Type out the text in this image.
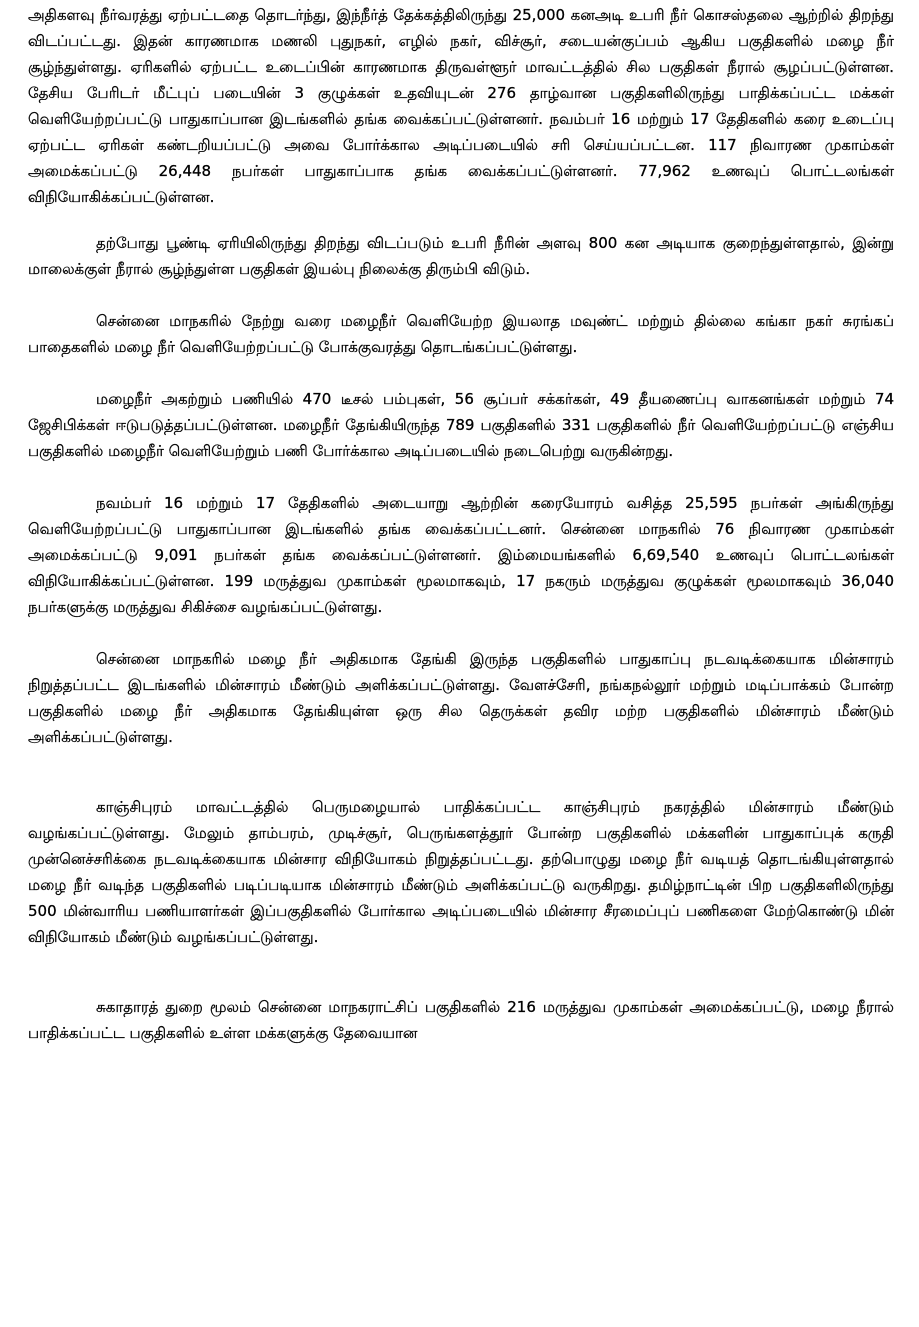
அதிகளவு நீர்வரத்து ஏற்பட்டதை தொடர்ந்து, இந்நீர்த் தேக்கத்திலிருந்து 25,000 கனஅடி உபரி நீர் கொசஸ்தலை ஆற்றில் திறந்து விடப்பட்டது. இதன் காரணமாக மணலி புதுநகர், எழில் நகர், விச்சூர், சடையன்குப்பம் ஆகிய பகுதிகளில் மழை நீர் சூழ்ந்துள்ளது. ஏரிகளில் ஏற்பட்ட உடைப்பின் காரணமாக திருவள்ளூர் மாவட்டத்தில் சில பகுதிகள் நீரால் சூழப்பட்டுள்ளன. தேசிய பேரிடர் மீட்புப் படையின் 3 குழுக்கள் உதவியுடன் 276 தாழ்வான பகுதிகளிலிருந்து பாதிக்கப்பட்ட மக்கள் வெளியேற்றப்பட்டு பாதுகாப்பான இடங்களில் தங்க வைக்கப்பட்டுள்ளனர். நவம்பர் 16 மற்றும் 17 தேதிகளில் கரை உடைப்பு ஏற்பட்ட ஏரிகள் கண்டறியப்பட்டு அவை போர்க்கால அடிப்படையில் சரி செய்யப்பட்டன. 117 நிவாரண முகாம்கள் அமைக்கப்பட்டு 26,448 நபர்கள் பாதுகாப்பாக தங்க வைக்கப்பட்டுள்ளனர். 77,962 உணவுப் பொட்டலங்கள் விநியோகிக்கப்பட்டுள்ளன.

தற்போது பூண்டி ஏரியிலிருந்து திறந்து விடப்படும் உபரி நீரின் அளவு 800 கன அடியாக குறைந்துள்ளதால், இன்று மாலைக்குள் நீரால் சூழ்ந்துள்ள பகுதிகள் இயல்பு நிலைக்கு திரும்பி விடும்.

சென்னை மாநகரில் நேற்று வரை மழைநீர் வெளியேற்ற இயலாத மவுண்ட் மற்றும் தில்லை கங்கா நகர் சுரங்கப் பாதைகளில் மழை நீர் வெளியேற்றப்பட்டு போக்குவரத்து தொடங்கப்பட்டுள்ளது.

மழைநீர் அகற்றும் பணியில் 470 டீசல் பம்புகள், 56 சூப்பர் சக்கர்கள், 49 தீயணைப்பு வாகனங்கள் மற்றும் 74 ஜேசிபிக்கள் ஈடுபடுத்தப்பட்டுள்ளன. மழைநீர் தேங்கியிருந்த 789 பகுதிகளில் 331 பகுதிகளில் நீர் வெளியேற்றப்பட்டு எஞ்சிய பகுதிகளில் மழைநீர் வெளியேற்றும் பணி போர்க்கால அடிப்படையில் நடைபெற்று வருகின்றது.

நவம்பர் 16 மற்றும் 17 தேதிகளில் அடையாறு ஆற்றின் கரையோரம் வசித்த 25,595 நபர்கள் அங்கிருந்து வெளியேற்றப்பட்டு பாதுகாப்பான இடங்களில் தங்க வைக்கப்பட்டனர். சென்னை மாநகரில் 76 நிவாரண முகாம்கள் அமைக்கப்பட்டு 9,091 நபர்கள் தங்க வைக்கப்பட்டுள்ளனர். இம்மையங்களில் 6,69,540 உணவுப் பொட்டலங்கள் விநியோகிக்கப்பட்டுள்ளன. 199 மருத்துவ முகாம்கள் மூலமாகவும், 17 நகரும் மருத்துவ குழுக்கள் மூலமாகவும் 36,040 நபர்களுக்கு மருத்துவ சிகிச்சை வழங்கப்பட்டுள்ளது.

சென்னை மாநகரில் மழை நீர் அதிகமாக தேங்கி இருந்த பகுதிகளில் பாதுகாப்பு நடவடிக்கையாக மின்சாரம் நிறுத்தப்பட்ட இடங்களில் மின்சாரம் மீண்டும் அளிக்கப்பட்டுள்ளது. வேளச்சேரி, நங்கநல்லூர் மற்றும் மடிப்பாக்கம் போன்ற பகுதிகளில் மழை நீர் அதிகமாக தேங்கியுள்ள ஒரு சில தெருக்கள் தவிர மற்ற பகுதிகளில் மின்சாரம் மீண்டும் அளிக்கப்பட்டுள்ளது.

காஞ்சிபுரம் மாவட்டத்தில் பெருமழையால் பாதிக்கப்பட்ட காஞ்சிபுரம் நகரத்தில் மின்சாரம் மீண்டும் வழங்கப்பட்டுள்ளது. மேலும் தாம்பரம், முடிச்சூர், பெருங்களத்தூர் போன்ற பகுதிகளில் மக்களின் பாதுகாப்புக் கருதி முன்னெச்சரிக்கை நடவடிக்கையாக மின்சார விநியோகம் நிறுத்தப்பட்டது. தற்பொழுது மழை நீர் வடியத் தொடங்கியுள்ளதால் மழை நீர் வடிந்த பகுதிகளில் படிப்படியாக மின்சாரம் மீண்டும் அளிக்கப்பட்டு வருகிறது. தமிழ்நாட்டின் பிற பகுதிகளிலிருந்து 500 மின்வாரிய பணியாளர்கள் இப்பகுதிகளில் போர்கால அடிப்படையில் மின்சார சீரமைப்புப் பணிகளை மேற்கொண்டு மின் விநியோகம் மீண்டும் வழங்கப்பட்டுள்ளது.

சுகாதாரத் துறை மூலம் சென்னை மாநகராட்சிப் பகுதிகளில் 216 மருத்துவ முகாம்கள் அமைக்கப்பட்டு, மழை நீரால் பாதிக்கப்பட்ட பகுதிகளில் உள்ள மக்களுக்கு தேவையான
